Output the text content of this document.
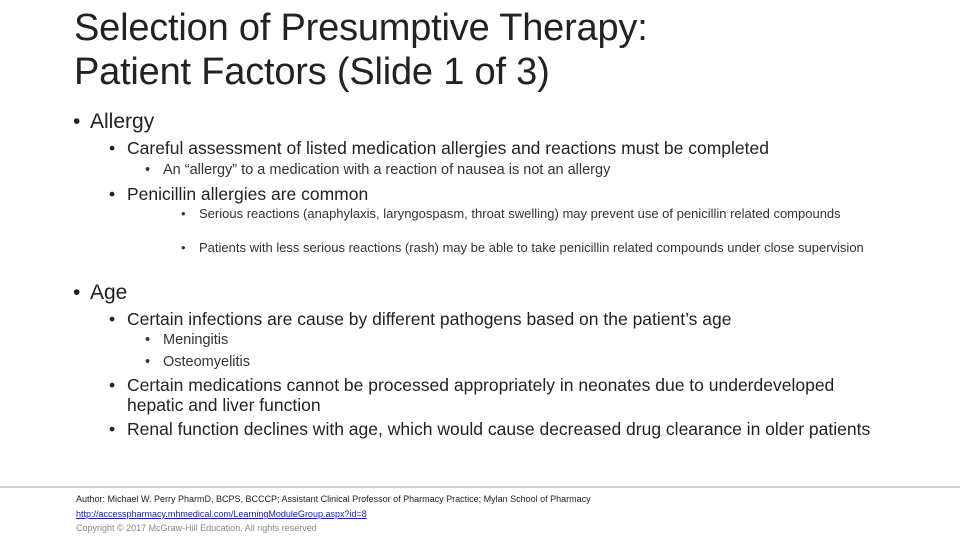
Selection of Presumptive Therapy:
Patient Factors (Slide 1 of 3)
• Allergy
• Careful assessment of listed medication allergies and reactions must be completed
• An “allergy” to a medication with a reaction of nausea is not an allergy
• Penicillin allergies are common
•	Serious reactions (anaphylaxis, laryngospasm, throat swelling) may prevent use of penicillin related compounds
•	Patients with less serious reactions (rash) may be able to take penicillin related compounds under close supervision
• Age
• Certain infections are cause by different pathogens based on the patient’s age
• Meningitis
• Osteomyelitis
• Certain medications cannot be processed appropriately in neonates due to underdeveloped hepatic and liver function
• Renal function declines with age, which would cause decreased drug clearance in older patients
Author: Michael W. Perry PharmD, BCPS, BCCCP; Assistant Clinical Professor of Pharmacy Practice; Mylan School of Pharmacy
http://accesspharmacy.mhmedical.com/LearningModuleGroup.aspx?id=8
Copyright © 2017 McGraw-Hill Education. All rights reserved
